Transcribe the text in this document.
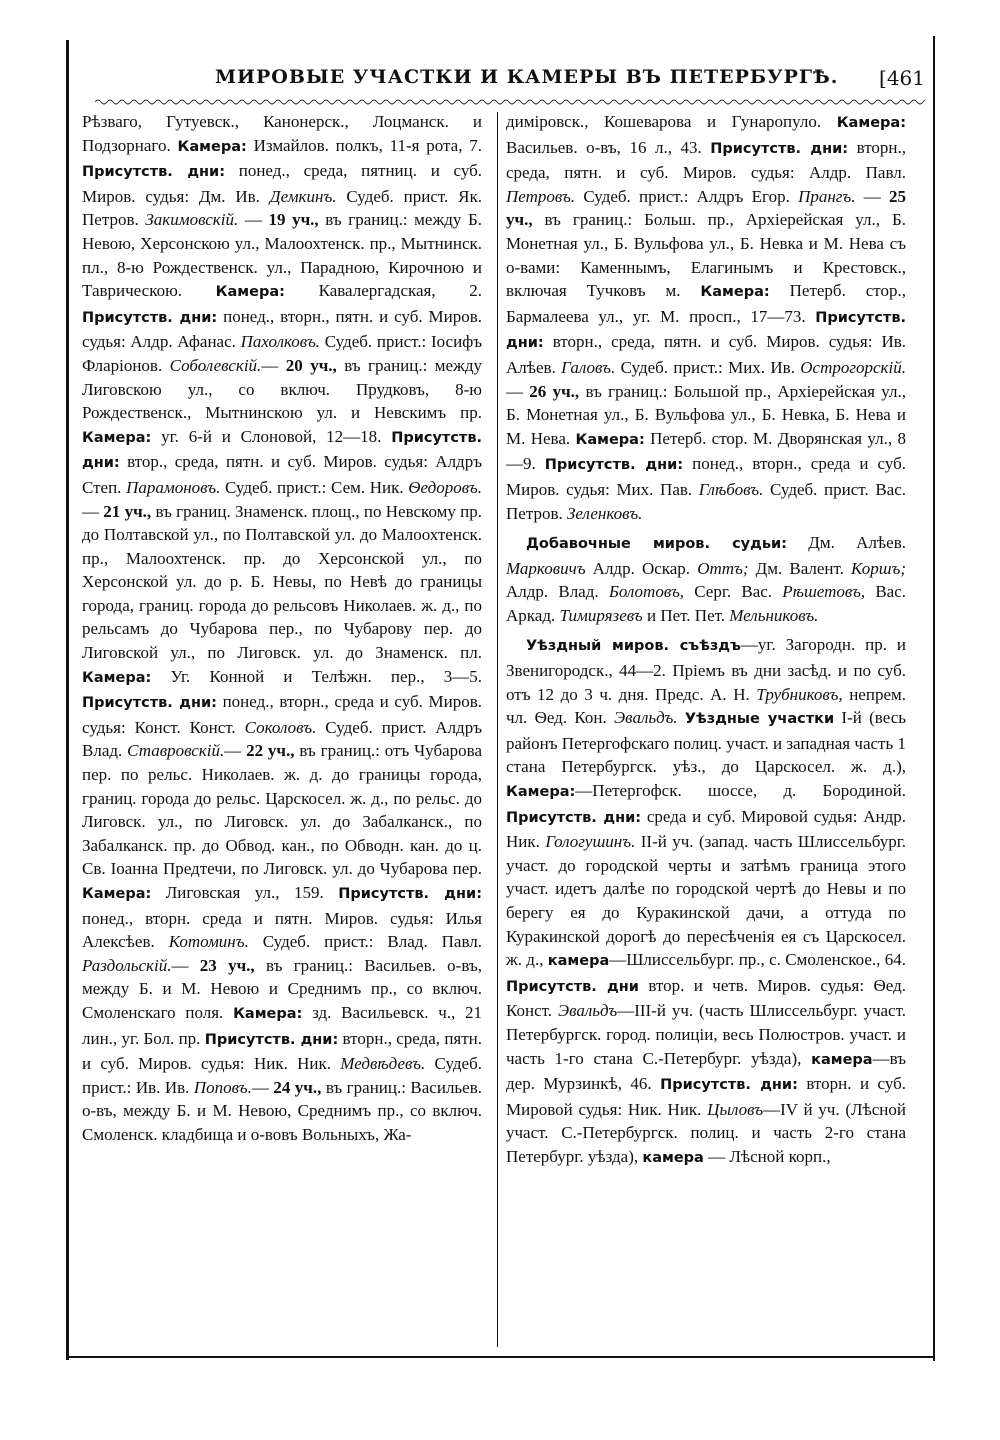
МИРОВЫЕ УЧАСТКИ И КАМЕРЫ ВЪ ПЕТЕРБУРГѢ. [461

Рѣзваго, Гутуевск., Канонерск., Лоцманск. и Подзорнаго. Камера: Измайлов. полкъ, 11-я рота, 7. Присутств. дни: понед., среда, пятниц. и суб. Миров. судья: Дм. Ив. Демкинъ. Судеб. прист. Як. Петров. Закимовскій. — 19 уч., въ границ.: между Б. Невою, Херсонскою ул., Малоохтенск. пр., Мытнинск. пл., 8-ю Рождественск. ул., Парадною, Кирочною и Таврическою. Камера: Кавалергадская, 2. Присутств. дни: понед., вторн., пятн. и суб. Миров. судья: Алдр. Афанас. Пахолковъ. Судеб. прист.: Іосифъ Фларіонов. Соболевскій.— 20 уч., въ границ.: между Лиговскою ул., со включ. Прудковъ, 8-ю Рождественск., Мытнинскою ул. и Невскимъ пр. Камера: уг. 6-й и Слоновой, 12—18. Присутств. дни: втор., среда, пятн. и суб. Миров. судья: Алдръ Степ. Парамоновъ. Судеб. прист.: Сем. Ник. Ѳедоровъ. — 21 уч., въ границ. Знаменск. площ., по Невскому пр. до Полтавской ул., по Полтавской ул. до Малоохтенск. пр., Малоохтенск. пр. до Херсонской ул., по Херсонской ул. до р. Б. Невы, по Невѣ до границы города, границ. города до рельсовъ Николаев. ж. д., по рельсамъ до Чубарова пер., по Чубарову пер. до Лиговской ул., по Лиговск. ул. до Знаменск. пл. Камера: Уг. Конной и Телѣжн. пер., 3—5. Присутств. дни: понед., вторн., среда и суб. Миров. судья: Конст. Конст. Соколовъ. Судеб. прист. Алдръ Влад. Ставровскій.— 22 уч., въ границ.: отъ Чубарова пер. по рельс. Николаев. ж. д. до границы города, границ. города до рельс. Царскосел. ж. д., по рельс. до Лиговск. ул., по Лиговск. ул. до Забалканск., по Забалканск. пр. до Обвод. кан., по Обводн. кан. до ц. Св. Іоанна Предтечи, по Лиговск. ул. до Чубарова пер. Камера: Лиговская ул., 159. Присутств. дни: понед., вторн. среда и пятн. Миров. судья: Илья Алексѣев. Котоминъ. Судеб. прист.: Влад. Павл. Раздольскій.— 23 уч., въ границ.: Васильев. о-въ, между Б. и М. Невою и Среднимъ пр., со включ. Смоленскаго поля. Камера: зд. Васильевск. ч., 21 лин., уг. Бол. пр. Присутств. дни: вторн., среда, пятн. и суб. Миров. судья: Ник. Ник. Медвѣдевъ. Судеб. прист.: Ив. Ив. Поповъ.— 24 уч., въ границ.: Васильев. о-въ, между Б. и М. Невою, Среднимъ пр., со включ. Смоленск. кладбища и о-вовъ Вольныхъ, Жа-

диміровск., Кошеварова и Гунаропуло. Камера: Васильев. о-въ, 16 л., 43. Присутств. дни: вторн., среда, пятн. и суб. Миров. судья: Алдр. Павл. Петровъ. Судеб. прист.: Алдръ Егор. Прангъ. — 25 уч., въ границ.: Больш. пр., Архіерейская ул., Б. Монетная ул., Б. Вульфова ул., Б. Невка и М. Нева съ о-вами: Каменнымъ, Елагинымъ и Крестовск., включая Тучковъ м. Камера: Петерб. стор., Бармалеева ул., уг. М. просп., 17—73. Присутств. дни: вторн., среда, пятн. и суб. Миров. судья: Ив. Алѣев. Галовъ. Судеб. прист.: Мих. Ив. Острогорскій. — 26 уч., въ границ.: Большой пр., Архіерейская ул., Б. Монетная ул., Б. Вульфова ул., Б. Невка, Б. Нева и М. Нева. Камера: Петерб. стор. М. Дворянская ул., 8—9. Присутств. дни: понед., вторн., среда и суб. Миров. судья: Мих. Пав. Глѣбовъ. Судеб. прист. Вас. Петров. Зеленковъ.

Добавочные миров. судьи: Дм. Алѣев. Марковичъ Алдр. Оскар. Оттъ; Дм. Валент. Коршъ; Алдр. Влад. Болотовъ, Серг. Вас. Рѣшетовъ, Вас. Аркад. Тимирязевъ и Пет. Пет. Мельниковъ.

Уѣздный миров. съѣздъ—уг. Загородн. пр. и Звенигородск., 44—2. Пріемъ въ дни засѣд. и по суб. отъ 12 до 3 ч. дня. Предс. А. Н. Трубниковъ, непрем. чл. Ѳед. Кон. Эвальдъ. Уѣздные участки І-й (весь районъ Петергофскаго полиц. участ. и западная часть 1 стана Петербургск. уѣз., до Царскосел. ж. д.), Камера:—Петергофск. шоссе, д. Бородиной. Присутств. дни: среда и суб. Мировой судья: Андр. Ник. Гологушинъ. ІІ-й уч. (запад. часть Шлиссельбург. участ. до городской черты и затѣмъ граница этого участ. идетъ далѣе по городской чертѣ до Невы и по берегу ея до Куракинской дачи, а оттуда по Куракинской дорогѣ до пересѣченія ея съ Царскосел. ж. д., камера—Шлиссельбург. пр., с. Смоленское., 64. Присутств. дни втор. и четв. Миров. судья: Ѳед. Конст. Эвальдъ—ІІІ-й уч. (часть Шлиссельбург. участ. Петербургск. город. полиціи, весь Полюстров. участ. и часть 1-го стана С.-Петербург. уѣзда), камера—въ дер. Мурзинкѣ, 46. Присутств. дни: вторн. и суб. Мировой судья: Ник. Ник. Цыловъ—IV й уч. (Лѣсной участ. С.-Петербургск. полиц. и часть 2-го стана Петербург. уѣзда), камера — Лѣсной корп.,
